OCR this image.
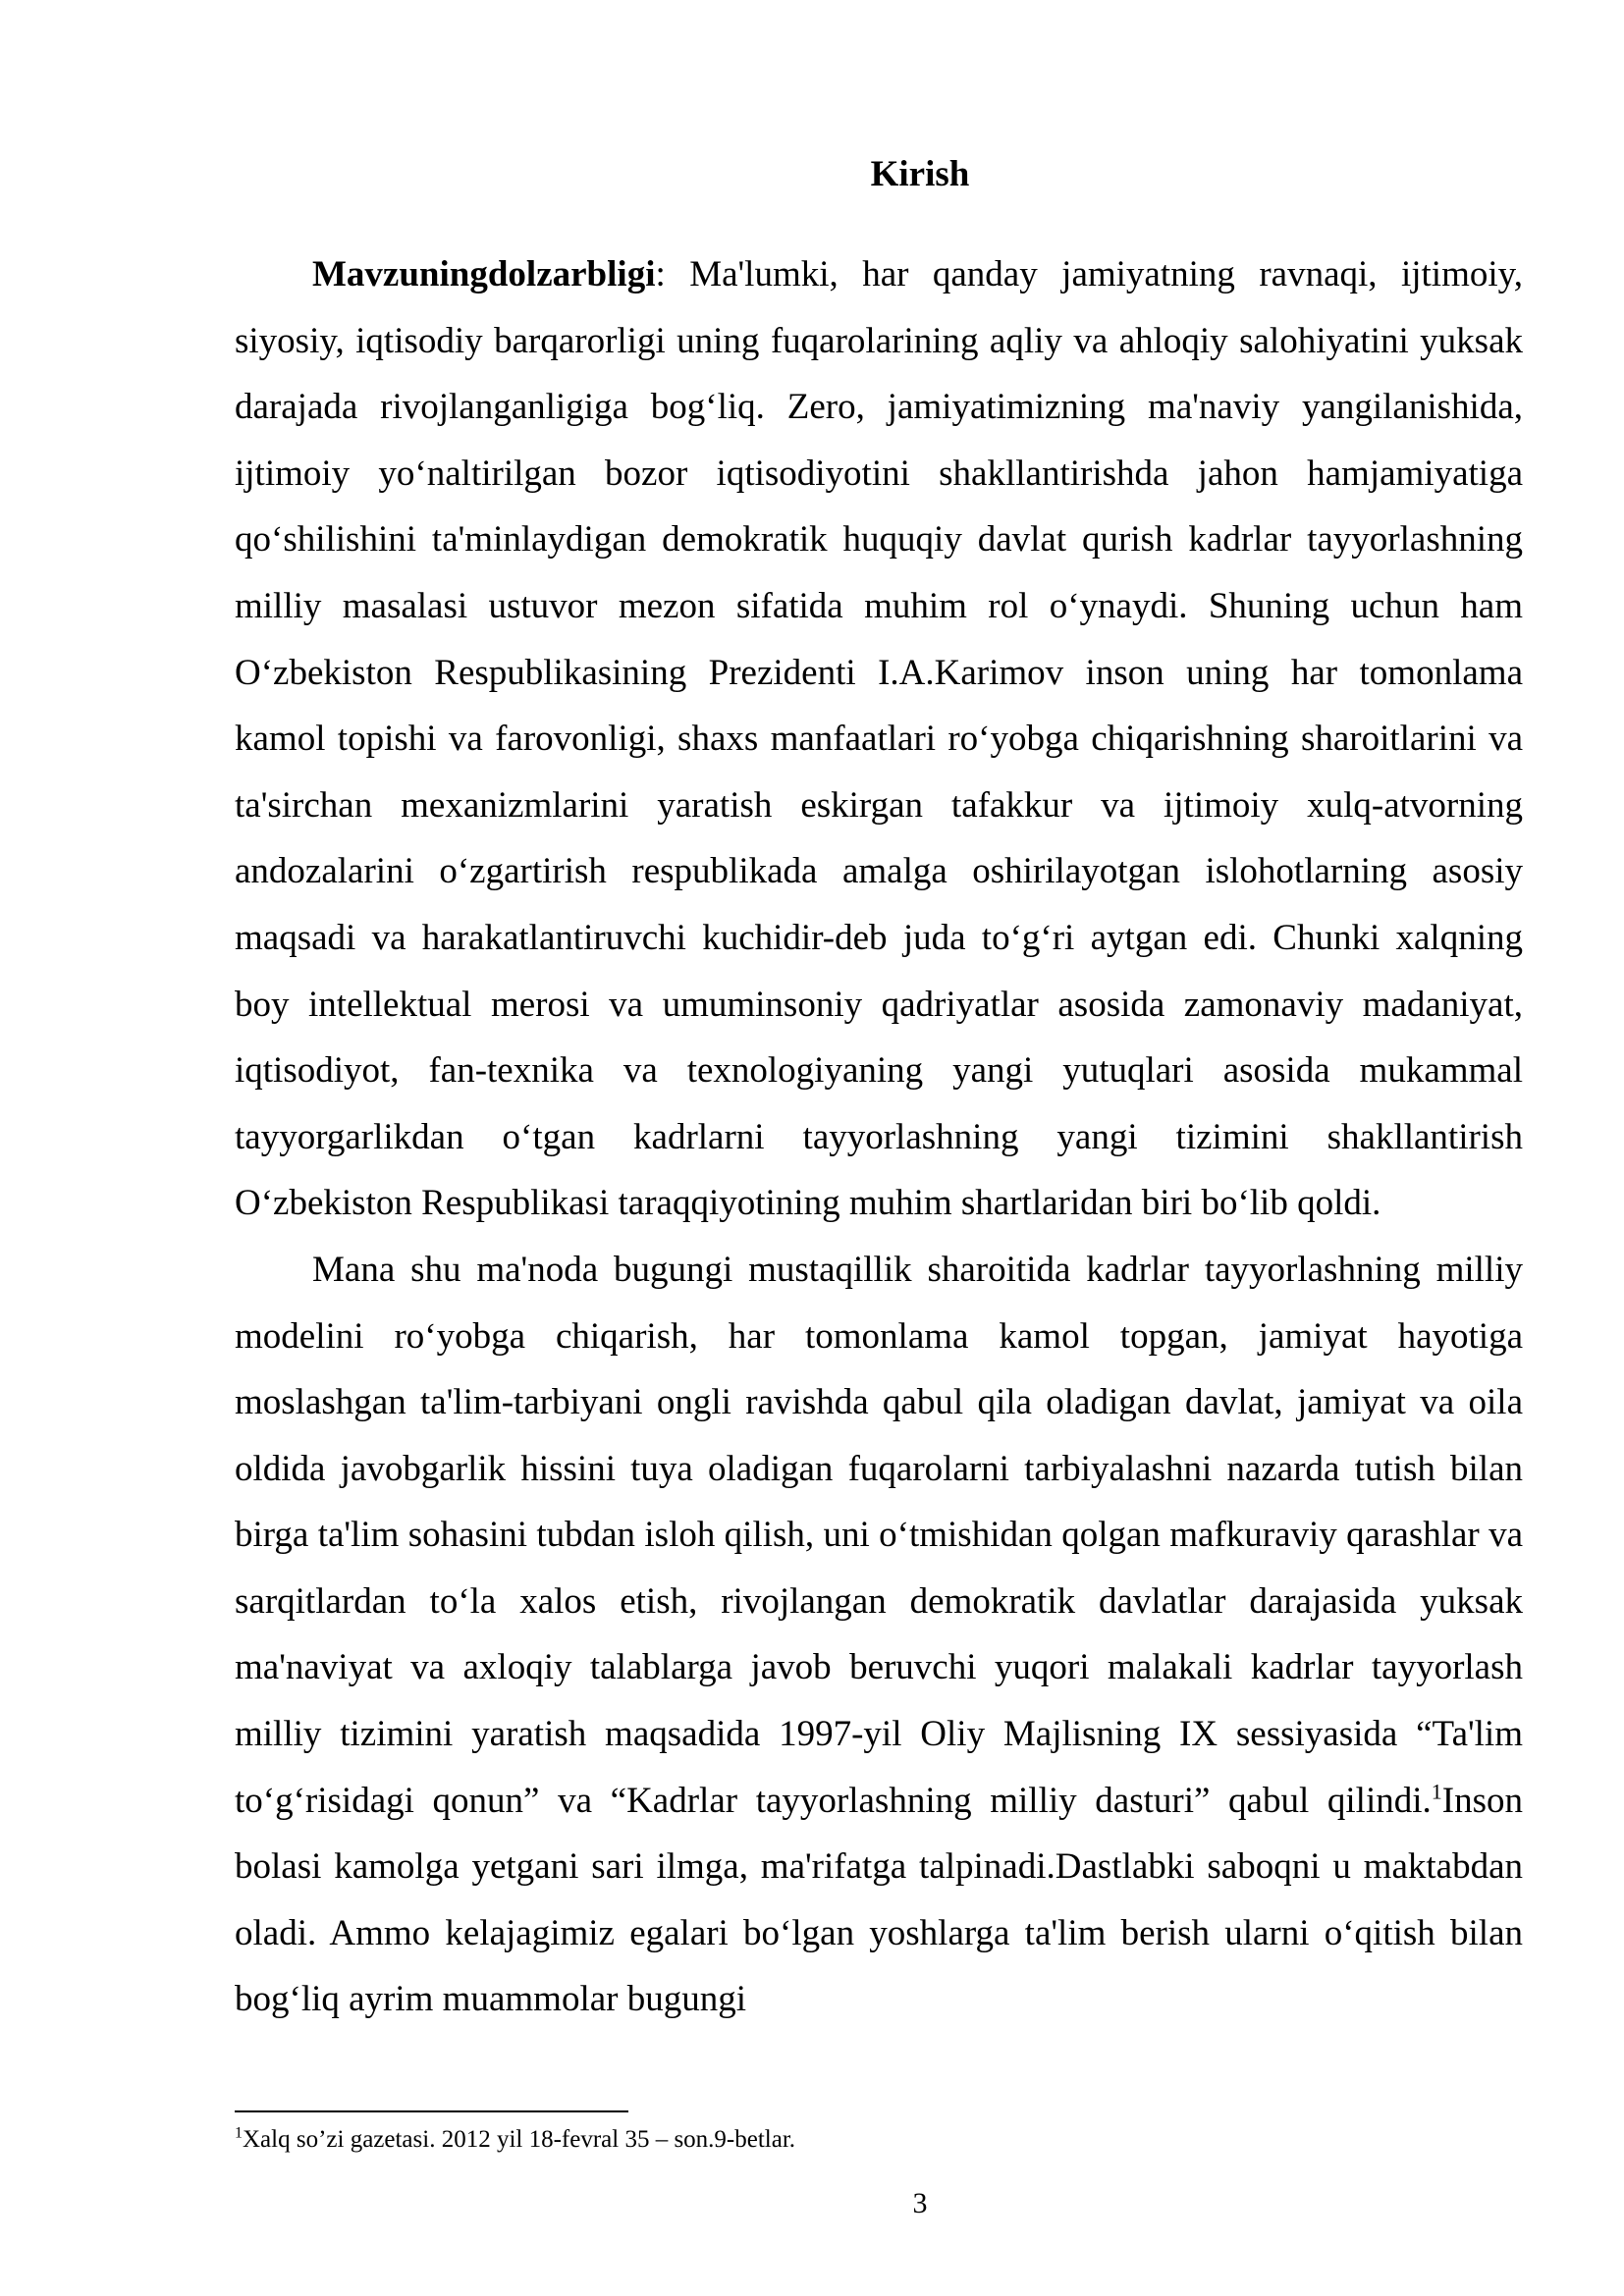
Kirish

Mavzuningdolzarbligi: Ma'lumki, har qanday jamiyatning ravnaqi, ijtimoiy, siyosiy, iqtisodiy barqarorligi uning fuqarolarining aqliy va ahloqiy salohiyatini yuksak darajada rivojlanganligiga bog‘liq. Zero, jamiyatimizning ma'naviy yangilanishida, ijtimoiy yo‘naltirilgan bozor iqtisodiyotini shakllantirishda jahon hamjamiyatiga qo‘shilishini ta'minlaydigan demokratik huquqiy davlat qurish kadrlar tayyorlashning milliy masalasi ustuvor mezon sifatida muhim rol o‘ynaydi. Shuning uchun ham O‘zbekiston Respublikasining Prezidenti I.A.Karimov inson uning har tomonlama kamol topishi va farovonligi, shaxs manfaatlari ro‘yobga chiqarishning sharoitlarini va ta'sirchan mexanizmlarini yaratish eskirgan tafakkur va ijtimoiy xulq-atvorning andozalarini o‘zgartirish respublikada amalga oshirilayotgan islohotlarning asosiy maqsadi va harakatlantiruvchi kuchidir-deb juda to‘g‘ri aytgan edi. Chunki xalqning boy intellektual merosi va umuminsoniy qadriyatlar asosida zamonaviy madaniyat, iqtisodiyot, fan-texnika va texnologiyaning yangi yutuqlari asosida mukammal tayyorgarlikdan o‘tgan kadrlarni tayyorlashning yangi tizimini shakllantirish O‘zbekiston Respublikasi taraqqiyotining muhim shartlaridan biri bo‘lib qoldi.

Mana shu ma'noda bugungi mustaqillik sharoitida kadrlar tayyorlashning milliy modelini ro‘yobga chiqarish, har tomonlama kamol topgan, jamiyat hayotiga moslashgan ta'lim-tarbiyani ongli ravishda qabul qila oladigan davlat, jamiyat va oila oldida javobgarlik hissini tuya oladigan fuqarolarni tarbiyalashni nazarda tutish bilan birga ta'lim sohasini tubdan isloh qilish, uni o‘tmishidan qolgan mafkuraviy qarashlar va sarqitlardan to‘la xalos etish, rivojlangan demokratik davlatlar darajasida yuksak ma'naviyat va axloqiy talablarga javob beruvchi yuqori malakali kadrlar tayyorlash milliy tizimini yaratish maqsadida 1997-yil Oliy Majlisning IX sessiyasida “Ta'lim to‘g‘risidagi qonun” va “Kadrlar tayyorlashning milliy dasturi” qabul qilindi.$^1$Inson bolasi kamolga yetgani sari ilmga, ma'rifatga talpinadi.Dastlabki saboqni u maktabdan oladi. Ammo kelajagimiz egalari bo‘lgan yoshlarga ta'lim berish ularni o‘qitish bilan bog‘liq ayrim muammolar bugungi

$^1$Xalq so’zi gazetasi. 2012 yil 18-fevral 35 – son.9-betlar.
3
